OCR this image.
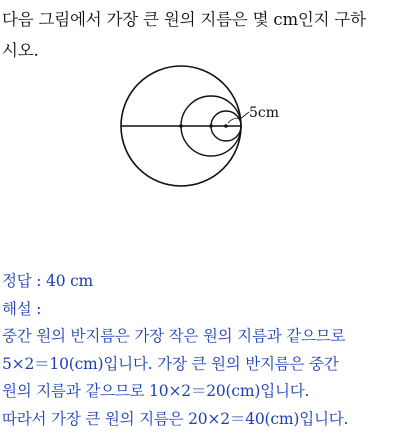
다음 그림에서 가장 큰 원의 지름은 몇 cm인지 구하
시오.
5cm
정답 : 40 cm
해설 :
중간 원의 반지름은 가장 작은 원의 지름과 같으므로
5×2＝10(cm)입니다. 가장 큰 원의 반지름은 중간
원의 지름과 같으므로 10×2＝20(cm)입니다.
따라서 가장 큰 원의 지름은 20×2＝40(cm)입니다.
